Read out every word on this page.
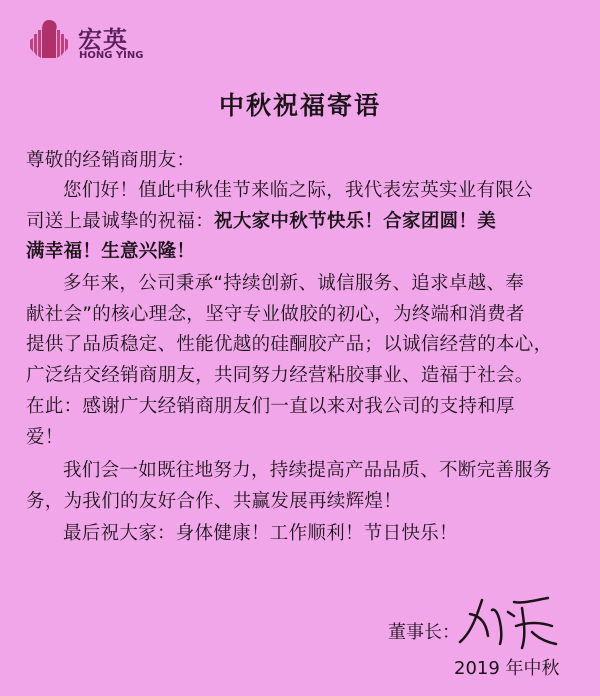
宏英
HONG YING
中秋祝福寄语
尊敬的经销商朋友：
您们好！值此中秋佳节来临之际，我代表宏英实业有限公
司送上最诚挚的祝福：祝大家中秋节快乐！合家团圆！美
满幸福！生意兴隆！
多年来，公司秉承“持续创新、诚信服务、追求卓越、奉
献社会”的核心理念，坚守专业做胶的初心，为终端和消费者
提供了品质稳定、性能优越的硅酮胶产品；以诚信经营的本心，
广泛结交经销商朋友，共同努力经营粘胶事业、造福于社会。
在此：感谢广大经销商朋友们一直以来对我公司的支持和厚
爱！
我们会一如既往地努力，持续提高产品品质、不断完善服务
务，为我们的友好合作、共赢发展再续辉煌！
最后祝大家：身体健康！工作顺利！节日快乐！
董事长：
2019 年中秋
